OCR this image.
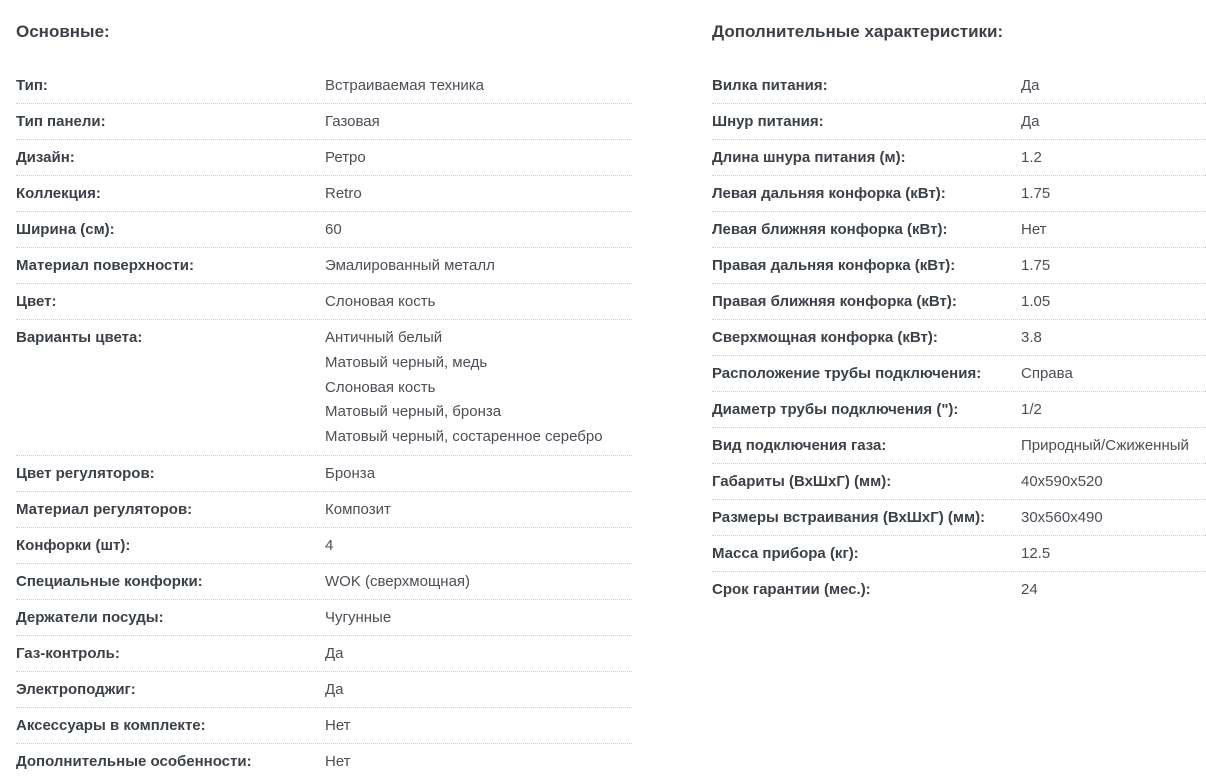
Основные:
Тип:	Встраиваемая техника
Тип панели:	Газовая
Дизайн:	Ретро
Коллекция:	Retro
Ширина (см):	60
Материал поверхности:	Эмалированный металл
Цвет:	Слоновая кость
Варианты цвета:	Античный белый
Матовый черный, медь
Слоновая кость
Матовый черный, бронза
Матовый черный, состаренное серебро
Цвет регуляторов:	Бронза
Материал регуляторов:	Композит
Конфорки (шт):	4
Специальные конфорки:	WOK (сверхмощная)
Держатели посуды:	Чугунные
Газ-контроль:	Да
Электроподжиг:	Да
Аксессуары в комплекте:	Нет
Дополнительные особенности:	Нет
Дополнительные характеристики:
Вилка питания:	Да
Шнур питания:	Да
Длина шнура питания (м):	1.2
Левая дальняя конфорка (кВт):	1.75
Левая ближняя конфорка (кВт):	Нет
Правая дальняя конфорка (кВт):	1.75
Правая ближняя конфорка (кВт):	1.05
Сверхмощная конфорка (кВт):	3.8
Расположение трубы подключения:	Справа
Диаметр трубы подключения ("):	1/2
Вид подключения газа:	Природный/Сжиженный
Габариты (ВхШхГ) (мм):	40x590x520
Размеры встраивания (ВхШхГ) (мм):	30x560x490
Масса прибора (кг):	12.5
Срок гарантии (мес.):	24
